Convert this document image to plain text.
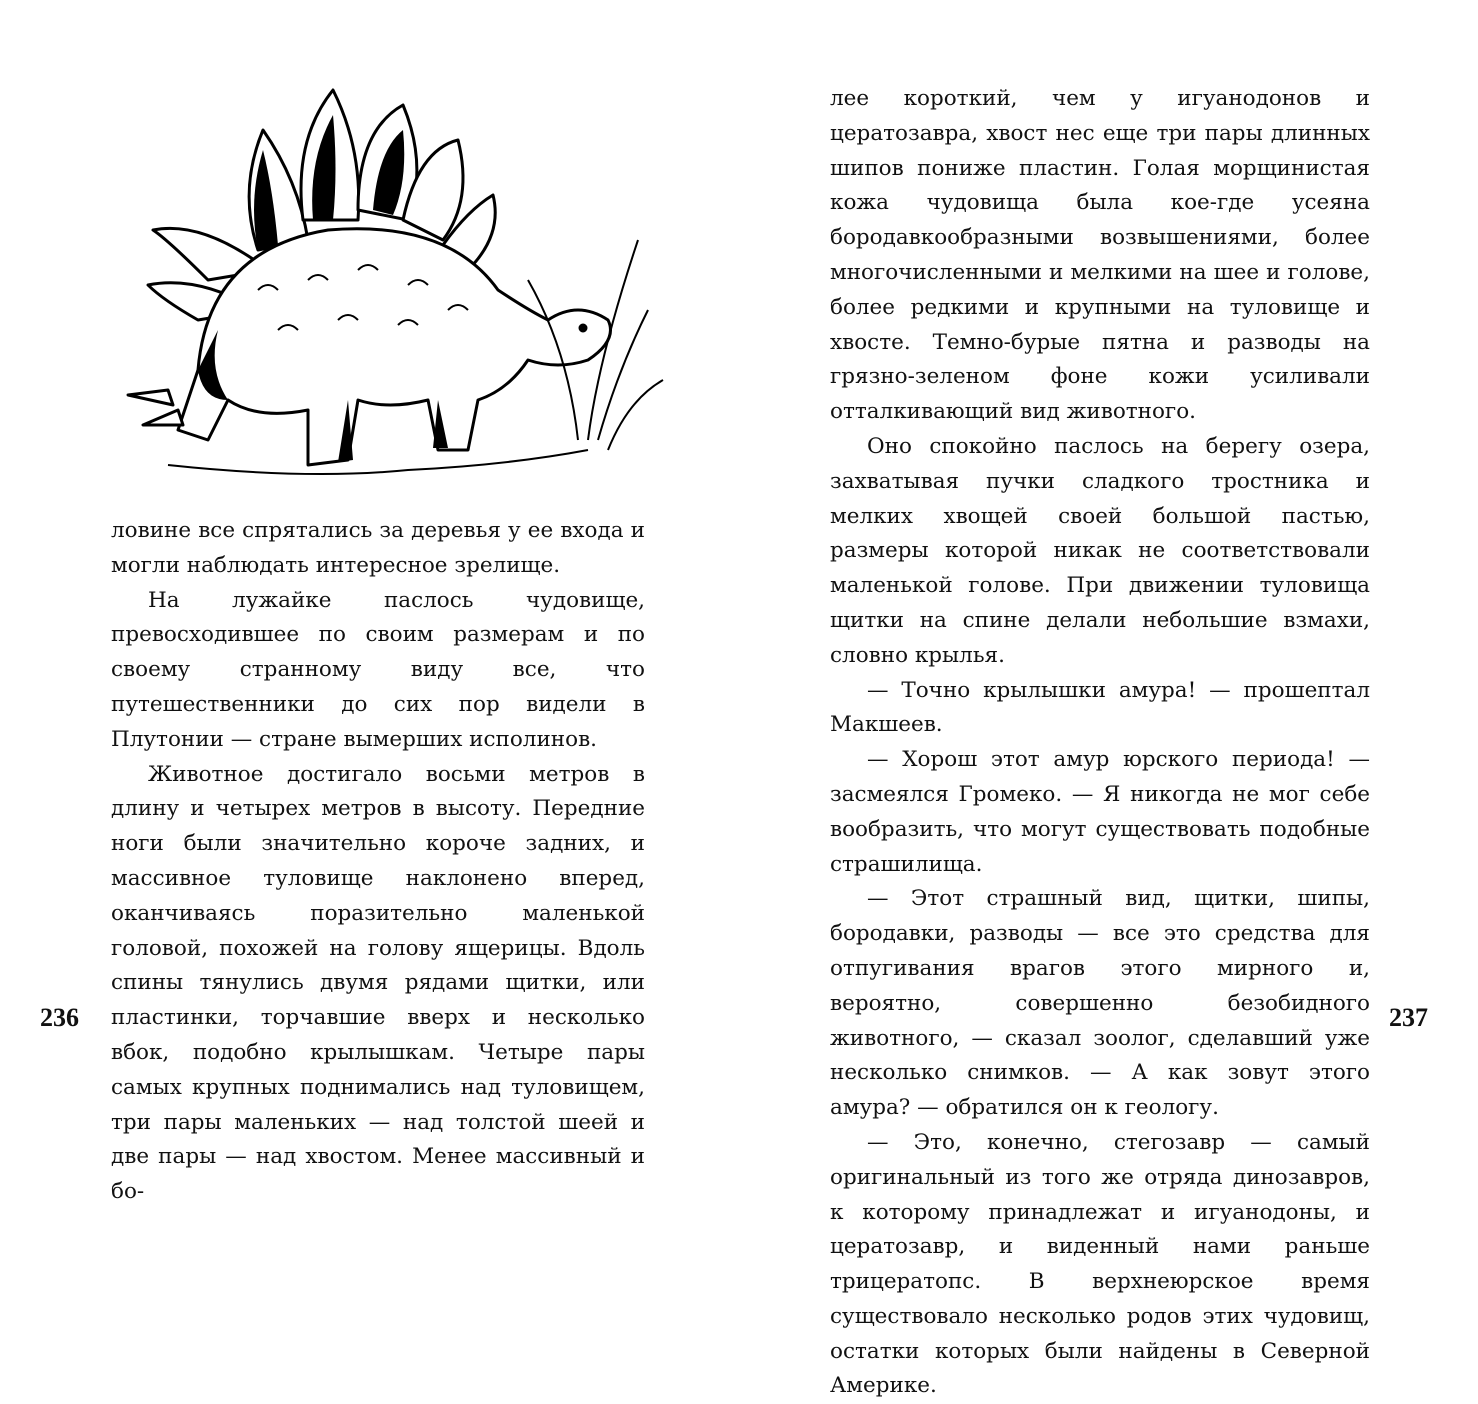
ловине все спрятались за деревья у ее входа и могли наблюдать интересное зрелище.

На лужайке паслось чудовище, превосходившее по своим размерам и по своему странному виду все, что путешественники до сих пор видели в Плутонии — стране вымерших исполинов.

Животное достигало восьми метров в длину и четырех метров в высоту. Передние ноги были значительно короче задних, и массивное туловище наклонено вперед, оканчиваясь поразительно маленькой головой, похожей на голову ящерицы. Вдоль спины тянулись двумя рядами щитки, или пластинки, торчавшие вверх и несколько вбок, подобно крылышкам. Четыре пары самых крупных поднимались над туловищем, три пары маленьких — над толстой шеей и две пары — над хвостом. Менее массивный и бо-

236

лее короткий, чем у игуанодонов и цератозавра, хвост нес еще три пары длинных шипов пониже пластин. Голая морщинистая кожа чудовища была кое-где усеяна бородавкообразными возвышениями, более многочисленными и мелкими на шее и голове, более редкими и крупными на туловище и хвосте. Темно-бурые пятна и разводы на грязно-зеленом фоне кожи усиливали отталкивающий вид животного.

Оно спокойно паслось на берегу озера, захватывая пучки сладкого тростника и мелких хвощей своей большой пастью, размеры которой никак не соответствовали маленькой голове. При движении туловища щитки на спине делали небольшие взмахи, словно крылья.

— Точно крылышки амура! — прошептал Макшеев.

— Хорош этот амур юрского периода! — засмеялся Громеко. — Я никогда не мог себе вообразить, что могут существовать подобные страшилища.

— Этот страшный вид, щитки, шипы, бородавки, разводы — все это средства для отпугивания врагов этого мирного и, вероятно, совершенно безобидного животного, — сказал зоолог, сделавший уже несколько снимков. — А как зовут этого амура? — обратился он к геологу.

— Это, конечно, стегозавр — самый оригинальный из того же отряда динозавров, к которому принадлежат и игуанодоны, и цератозавр, и виденный нами раньше трицератопс. В верхнеюрское время существовало несколько родов этих чудовищ, остатки которых были найдены в Северной Америке.

237
